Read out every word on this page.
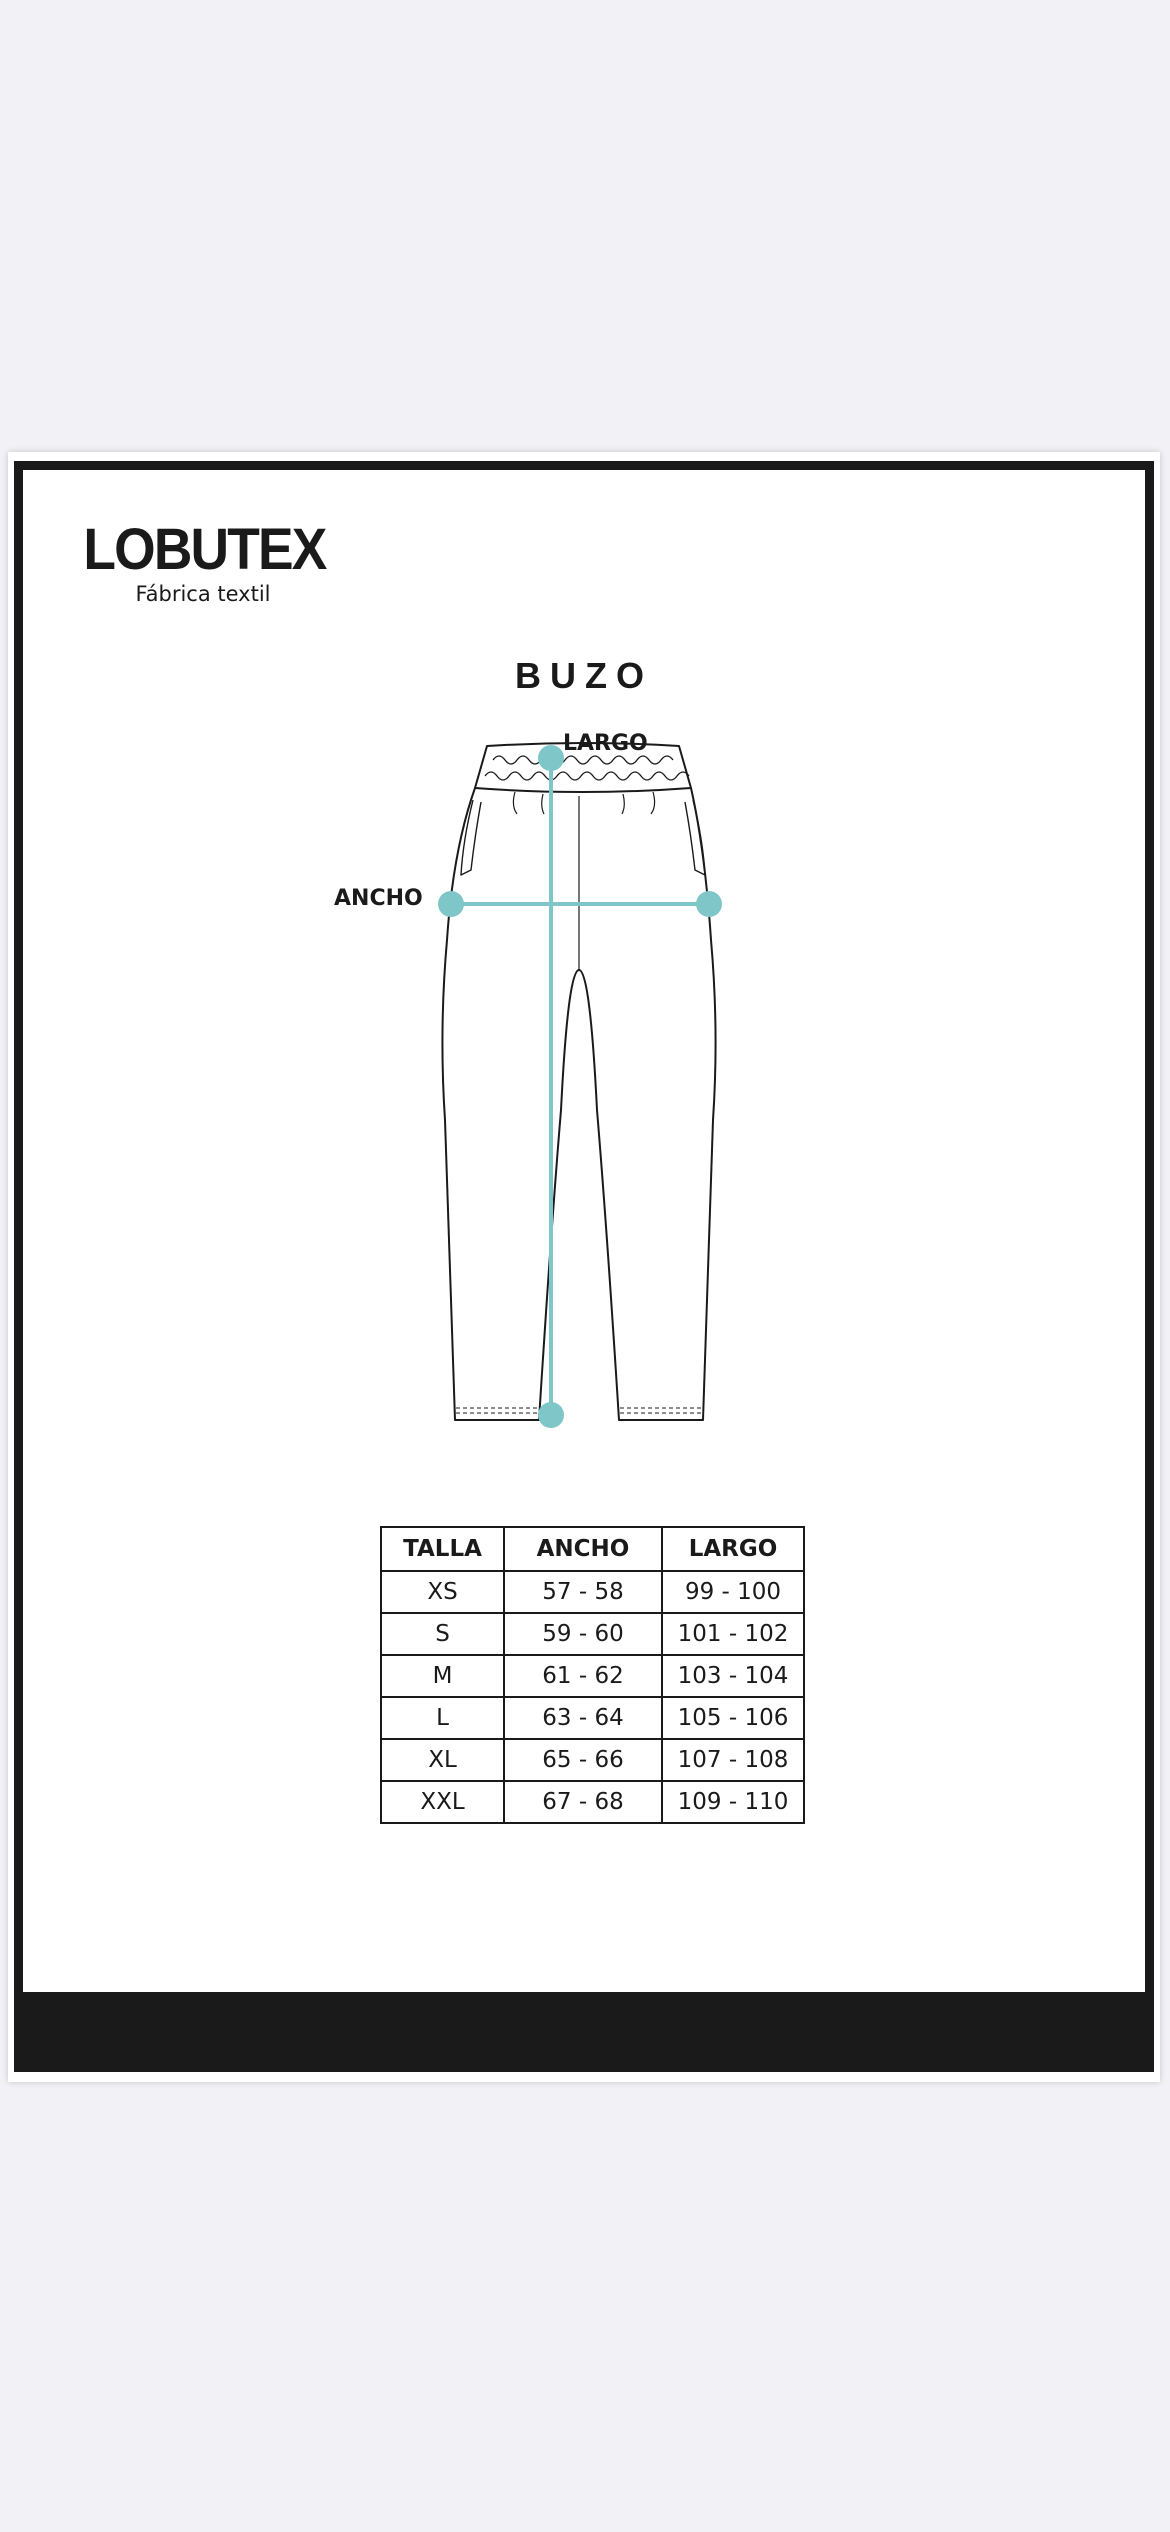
LOBUTEX
Fábrica textil
BUZO
LARGO
ANCHO
TALLA	ANCHO	LARGO
XS	57 - 58	99 - 100
S	59 - 60	101 - 102
M	61 - 62	103 - 104
L	63 - 64	105 - 106
XL	65 - 66	107 - 108
XXL	67 - 68	109 - 110
